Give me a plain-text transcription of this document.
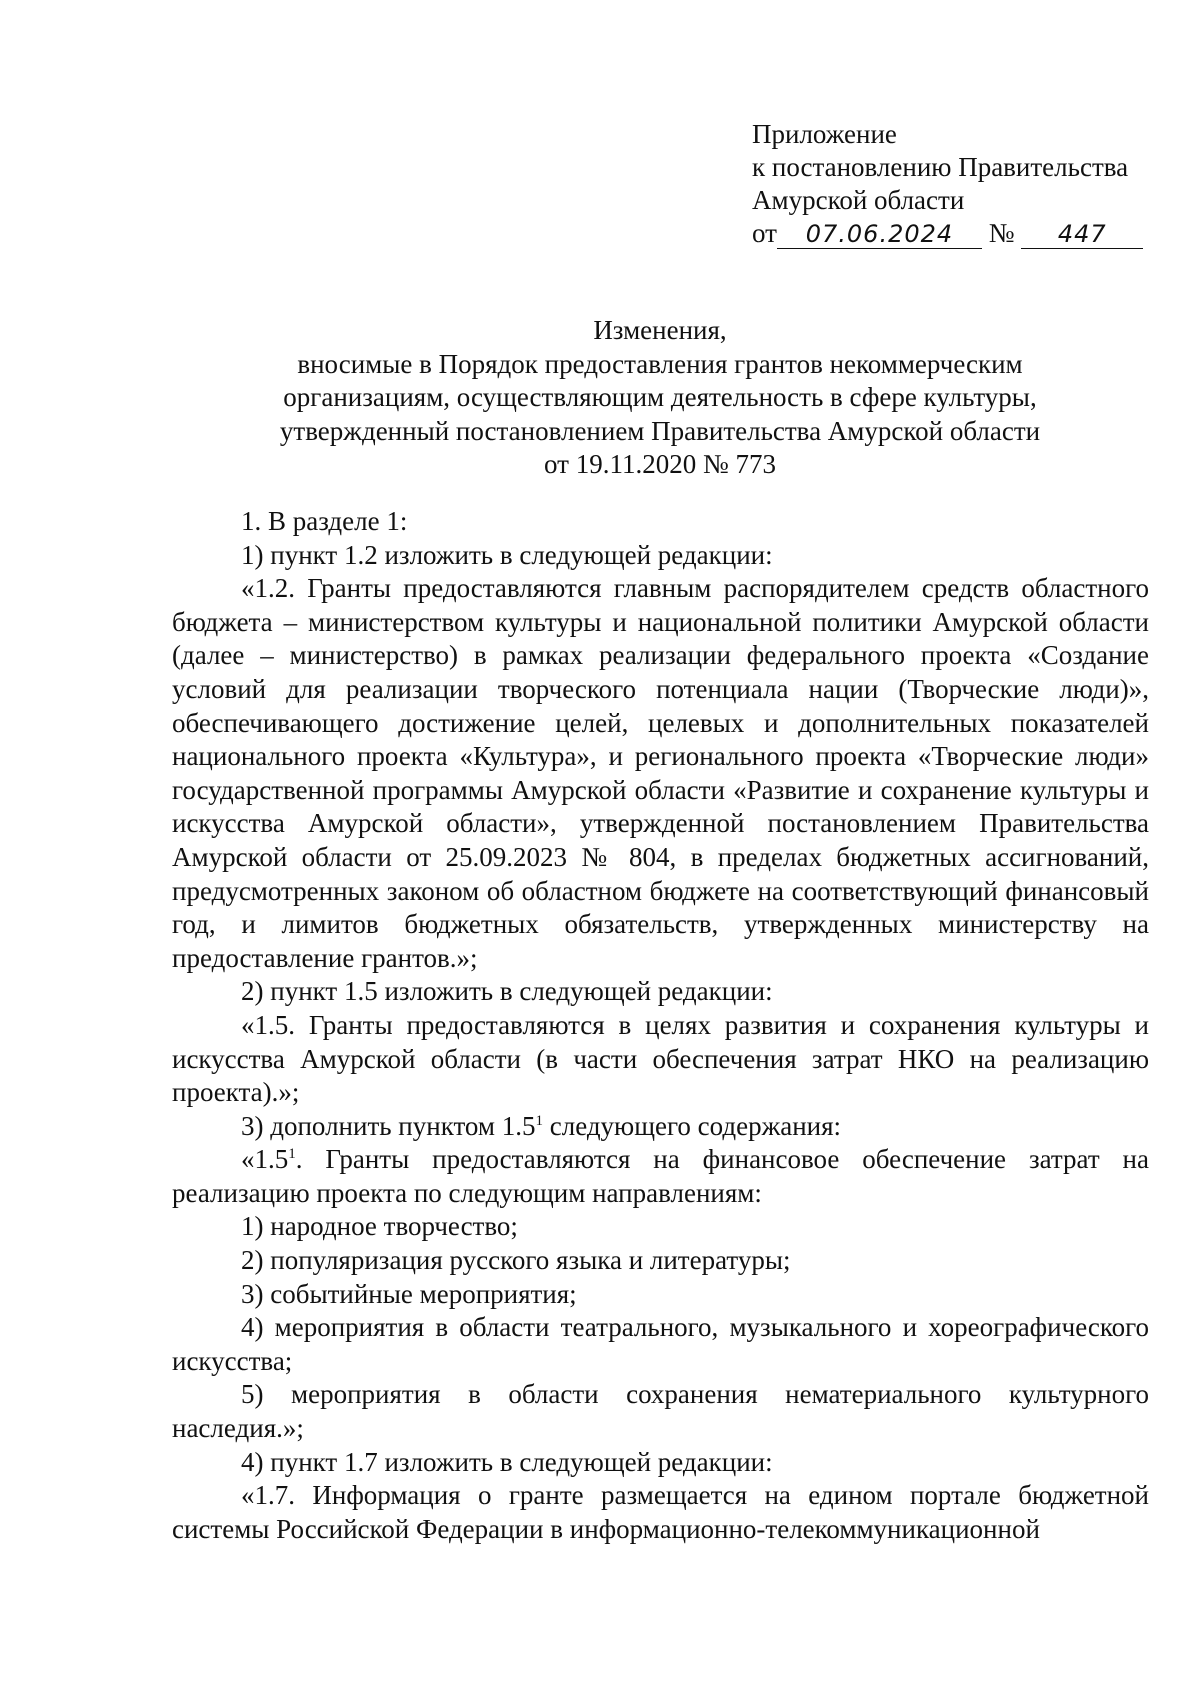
Приложение
к постановлению Правительства
Амурской области
от 07.06.2024 № 447
Изменения,
вносимые в Порядок предоставления грантов некоммерческим
организациям, осуществляющим деятельность в сфере культуры,
утвержденный постановлением Правительства Амурской области
от 19.11.2020 № 773

1. В разделе 1:

1) пункт 1.2 изложить в следующей редакции:

«1.2. Гранты предоставляются главным распорядителем средств областного бюджета – министерством культуры и национальной политики Амурской области (далее – министерство) в рамках реализации федерального проекта «Создание условий для реализации творческого потенциала нации (Творческие люди)», обеспечивающего достижение целей, целевых и дополнительных показателей национального проекта «Культура», и регионального проекта «Творческие люди» государственной программы Амурской области «Развитие и сохранение культуры и искусства Амурской области», утвержденной постановлением Правительства Амурской области от 25.09.2023 № 804, в пределах бюджетных ассигнований, предусмотренных законом об областном бюджете на соответствующий финансовый год, и лимитов бюджетных обязательств, утвержденных министерству на предоставление грантов.»;

2) пункт 1.5 изложить в следующей редакции:

«1.5. Гранты предоставляются в целях развития и сохранения культуры и искусства Амурской области (в части обеспечения затрат НКО на реализацию проекта).»;

3) дополнить пунктом $1.5^1$ следующего содержания:

«$1.5^1$. Гранты предоставляются на финансовое обеспечение затрат на реализацию проекта по следующим направлениям:

1) народное творчество;

2) популяризация русского языка и литературы;

3) событийные мероприятия;

4) мероприятия в области театрального, музыкального и хореографического искусства;

5) мероприятия в области сохранения нематериального культурного наследия.»;

4) пункт 1.7 изложить в следующей редакции:

«1.7. Информация о гранте размещается на едином портале бюджетной системы Российской Федерации в информационно-телекоммуникационной
